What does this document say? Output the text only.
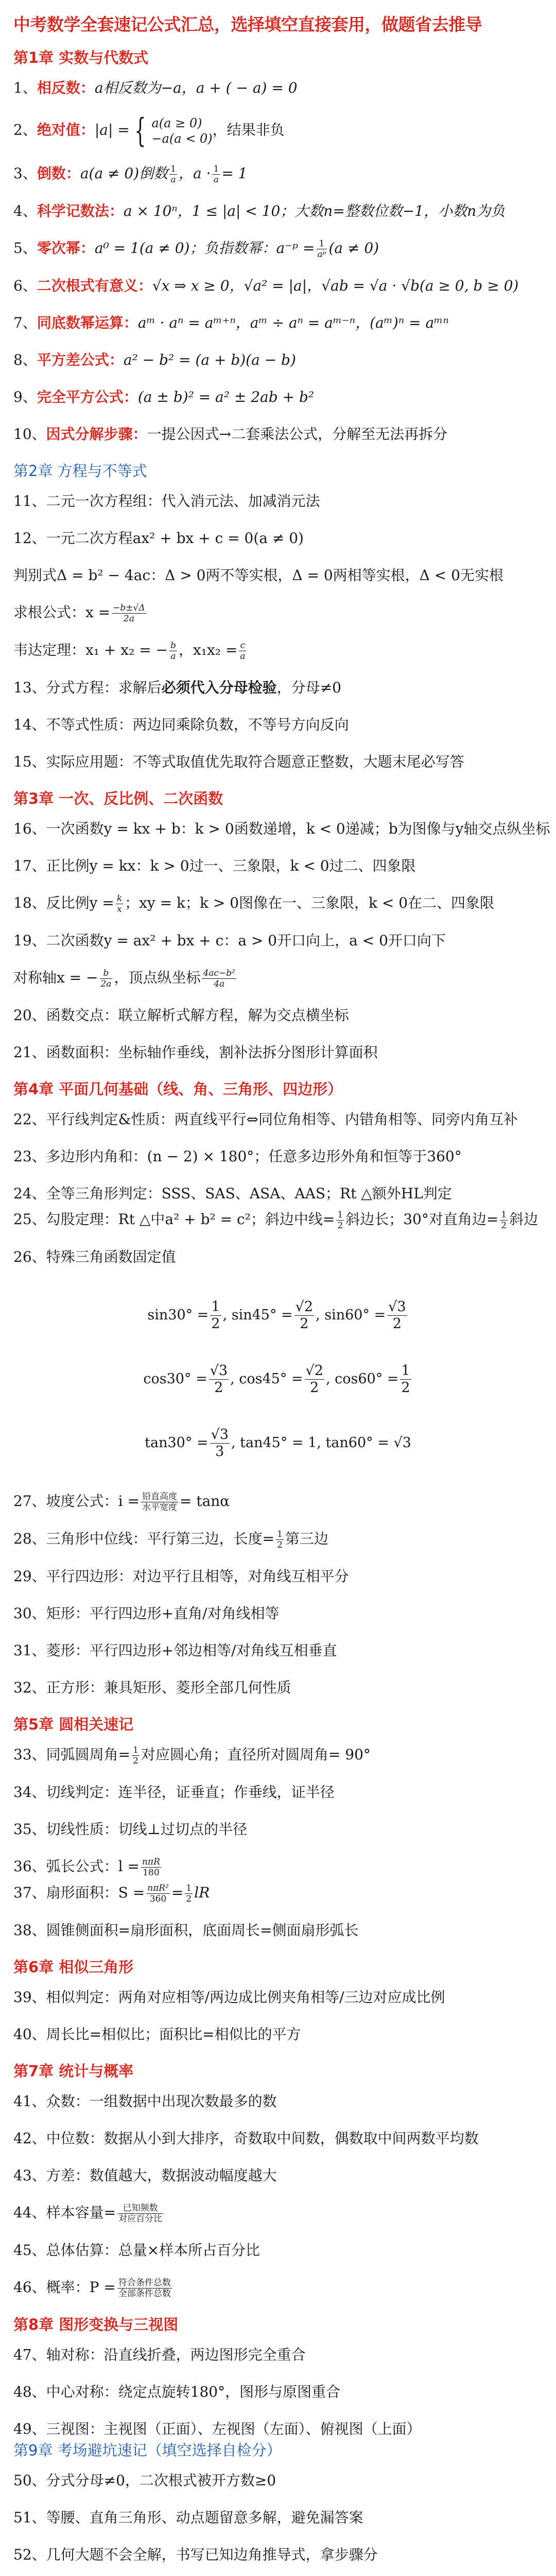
中考数学全套速记公式汇总，选择填空直接套用，做题省去推导
第1章 实数与代数式
1、相反数：a相反数为−a，a + ( − a) = 0
2、绝对值：|a| = { a(a ≥ 0)
−a(a < 0)
，结果非负
3、倒数：a(a ≠ 0)倒数 $\frac{1}{a}$ ，$a \cdot \frac{1}{a} = 1$
4、科学记数法：a × 10ⁿ，1 ≤ |a| < 10；大数n=整数位数−1，小数n为负
5、零次幂：a⁰ = 1(a ≠ 0)；负指数幂：a⁻ᵖ = $\frac{1}{\text{aᵖ}} (a \ne 0)$
6、二次根式有意义：√x ⇒ x ≥ 0，√a² = |a|，√ab = √a · √b(a ≥ 0, b ≥ 0)
7、同底数幂运算：aᵐ · aⁿ = aᵐ⁺ⁿ，aᵐ ÷ aⁿ = aᵐ⁻ⁿ，(aᵐ)ⁿ = aᵐⁿ
8、平方差公式：a² − b² = (a + b)(a − b)
9、完全平方公式：(a ± b)² = a² ± 2ab + b²
10、因式分解步骤：一提公因式→二套乘法公式，分解至无法再拆分
第2章 方程与不等式
11、二元一次方程组：代入消元法、加减消元法
12、一元二次方程ax² + bx + c = 0(a ≠ 0)
判别式Δ = b² − 4ac：Δ > 0两不等实根，Δ = 0两相等实根，Δ < 0无实根
求根公式：$x = \frac{-b\pm√\Delta}{2a}$
韦达定理：x₁ + x₂ = − $\frac{b}{a}$ ，$x_1x_2 = \frac{c}{a}$
13、分式方程：求解后必须代入分母检验，分母≠0
14、不等式性质：两边同乘除负数，不等号方向反向
15、实际应用题：不等式取值优先取符合题意正整数，大题末尾必写答
第3章 一次、反比例、二次函数
16、一次函数y = kx + b：k > 0函数递增，k < 0递减；b为图像与y轴交点纵坐标
17、正比例y = kx：k > 0过一、三象限，k < 0过二、四象限
18、反比例$y = \frac{k}{x}$ ；xy = k；k > 0图像在一、三象限，k < 0在二、四象限
19、二次函数y = ax² + bx + c：a > 0开口向上，a < 0开口向下
对称轴x = − $\frac{b}{2a}$ ，顶点纵坐标 $\frac{\text{4ac−b²}}{4a}$
20、函数交点：联立解析式解方程，解为交点横坐标
21、函数面积：坐标轴作垂线，割补法拆分图形计算面积
第4章 平面几何基础（线、角、三角形、四边形）
22、平行线判定&性质：两直线平行⇔同位角相等、内错角相等、同旁内角互补
23、多边形内角和：(n − 2) × 180°；任意多边形外角和恒等于360°
24、全等三角形判定：SSS、SAS、ASA、AAS；Rt △额外HL判定
25、勾股定理：Rt △中a² + b² = c²；斜边中线= $\frac{1}{2}$ 斜边长；30°对直角边= $\frac{1}{2}$ 斜边
26、特殊三角函数固定值
$\sin 30^\circ = \frac{1}{2}$ , $\sin 45^\circ = \frac{√2}{2}$ , $\sin 60^\circ = \frac{√3}{2}$
$\cos 30^\circ = \frac{√3}{2}$ , $\cos 45^\circ = \frac{√2}{2}$ , $\cos 60^\circ = \frac{1}{2}$
$\tan 30^\circ = \frac{√3}{3}$ , tan45° = 1, tan60° = √3
27、坡度公式：$i = \frac{\text{铅直高度}}{\text{水平宽度}} = \tan\alpha$
28、三角形中位线：平行第三边，长度= $\frac{1}{2}$ 第三边
29、平行四边形：对边平行且相等，对角线互相平分
30、矩形：平行四边形+直角/对角线相等
31、菱形：平行四边形+邻边相等/对角线互相垂直
32、正方形：兼具矩形、菱形全部几何性质
第5章 圆相关速记
33、同弧圆周角= $\frac{1}{2}$ 对应圆心角；直径所对圆周角= 90°
34、切线判定：连半径，证垂直；作垂线，证半径
35、切线性质：切线⊥过切点的半径
36、弧长公式：$l = \frac{\text{nπR}}{180}$
37、扇形面积：$S = \frac{\text{nπR²}}{360} = \frac{1}{2}$ lR
38、圆锥侧面积=扇形面积，底面周长=侧面扇形弧长
第6章 相似三角形
39、相似判定：两角对应相等/两边成比例夹角相等/三边对应成比例
40、周长比=相似比；面积比=相似比的平方
第7章 统计与概率
41、众数：一组数据中出现次数最多的数
42、中位数：数据从小到大排序，奇数取中间数，偶数取中间两数平均数
43、方差：数值越大，数据波动幅度越大
44、样本容量= $\frac{\text{已知频数}}{\text{对应百分比}}$
45、总体估算：总量×样本所占百分比
46、概率：$P = \frac{\text{符合条件总数}}{\text{全部条件总数}}$
第8章 图形变换与三视图
47、轴对称：沿直线折叠，两边图形完全重合
48、中心对称：绕定点旋转180°，图形与原图重合
49、三视图：主视图（正面）、左视图（左面）、俯视图（上面）
第9章 考场避坑速记（填空选择自检分）
50、分式分母≠0，二次根式被开方数≥0
51、等腰、直角三角形、动点题留意多解，避免漏答案
52、几何大题不会全解，书写已知边角推导式，拿步骤分
